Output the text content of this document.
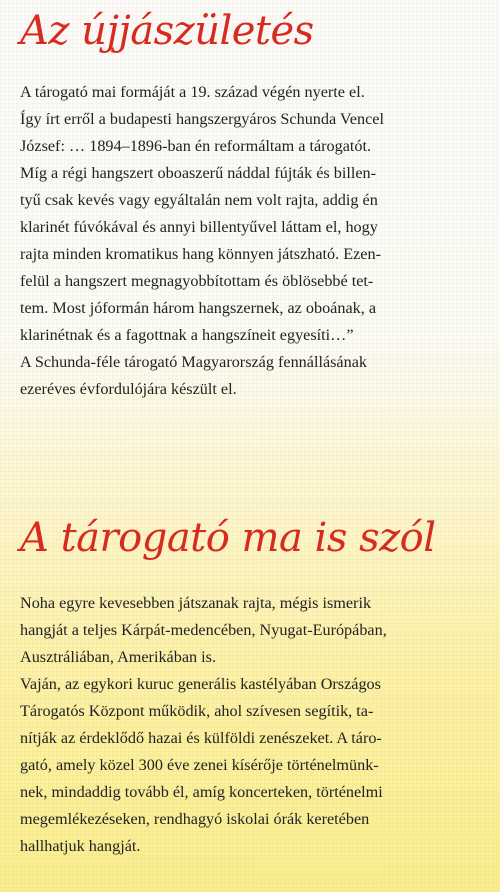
Az újjászületés

A tárogató mai formáját a 19. század végén nyerte el.

Így írt erről a budapesti hangszergyáros Schunda Vencel

József: … 1894–1896-ban én reformáltam a tárogatót.

Míg a régi hangszert oboaszerű náddal fújták és billen-

tyű csak kevés vagy egyáltalán nem volt rajta, addig én

klarinét fúvókával és annyi billentyűvel láttam el, hogy

rajta minden kromatikus hang könnyen játszható. Ezen-

felül a hangszert megnagyobbítottam és öblösebbé tet-

tem. Most jóformán három hangszernek, az oboának, a

klarinétnak és a fagottnak a hangszíneit egyesíti…”

A Schunda-féle tárogató Magyarország fennállásának

ezeréves évfordulójára készült el.

A tárogató ma is szól

Noha egyre kevesebben játszanak rajta, mégis ismerik

hangját a teljes Kárpát-medencében, Nyugat-Európában,

Ausztráliában, Amerikában is.

Vaján, az egykori kuruc generális kastélyában Országos

Tárogatós Központ működik, ahol szívesen segítik, ta-

nítják az érdeklődő hazai és külföldi zenészeket. A táro-

gató, amely közel 300 éve zenei kísérője történelmünk-

nek, mindaddig tovább él, amíg koncerteken, történelmi

megemlékezéseken, rendhagyó iskolai órák keretében

hallhatjuk hangját.
